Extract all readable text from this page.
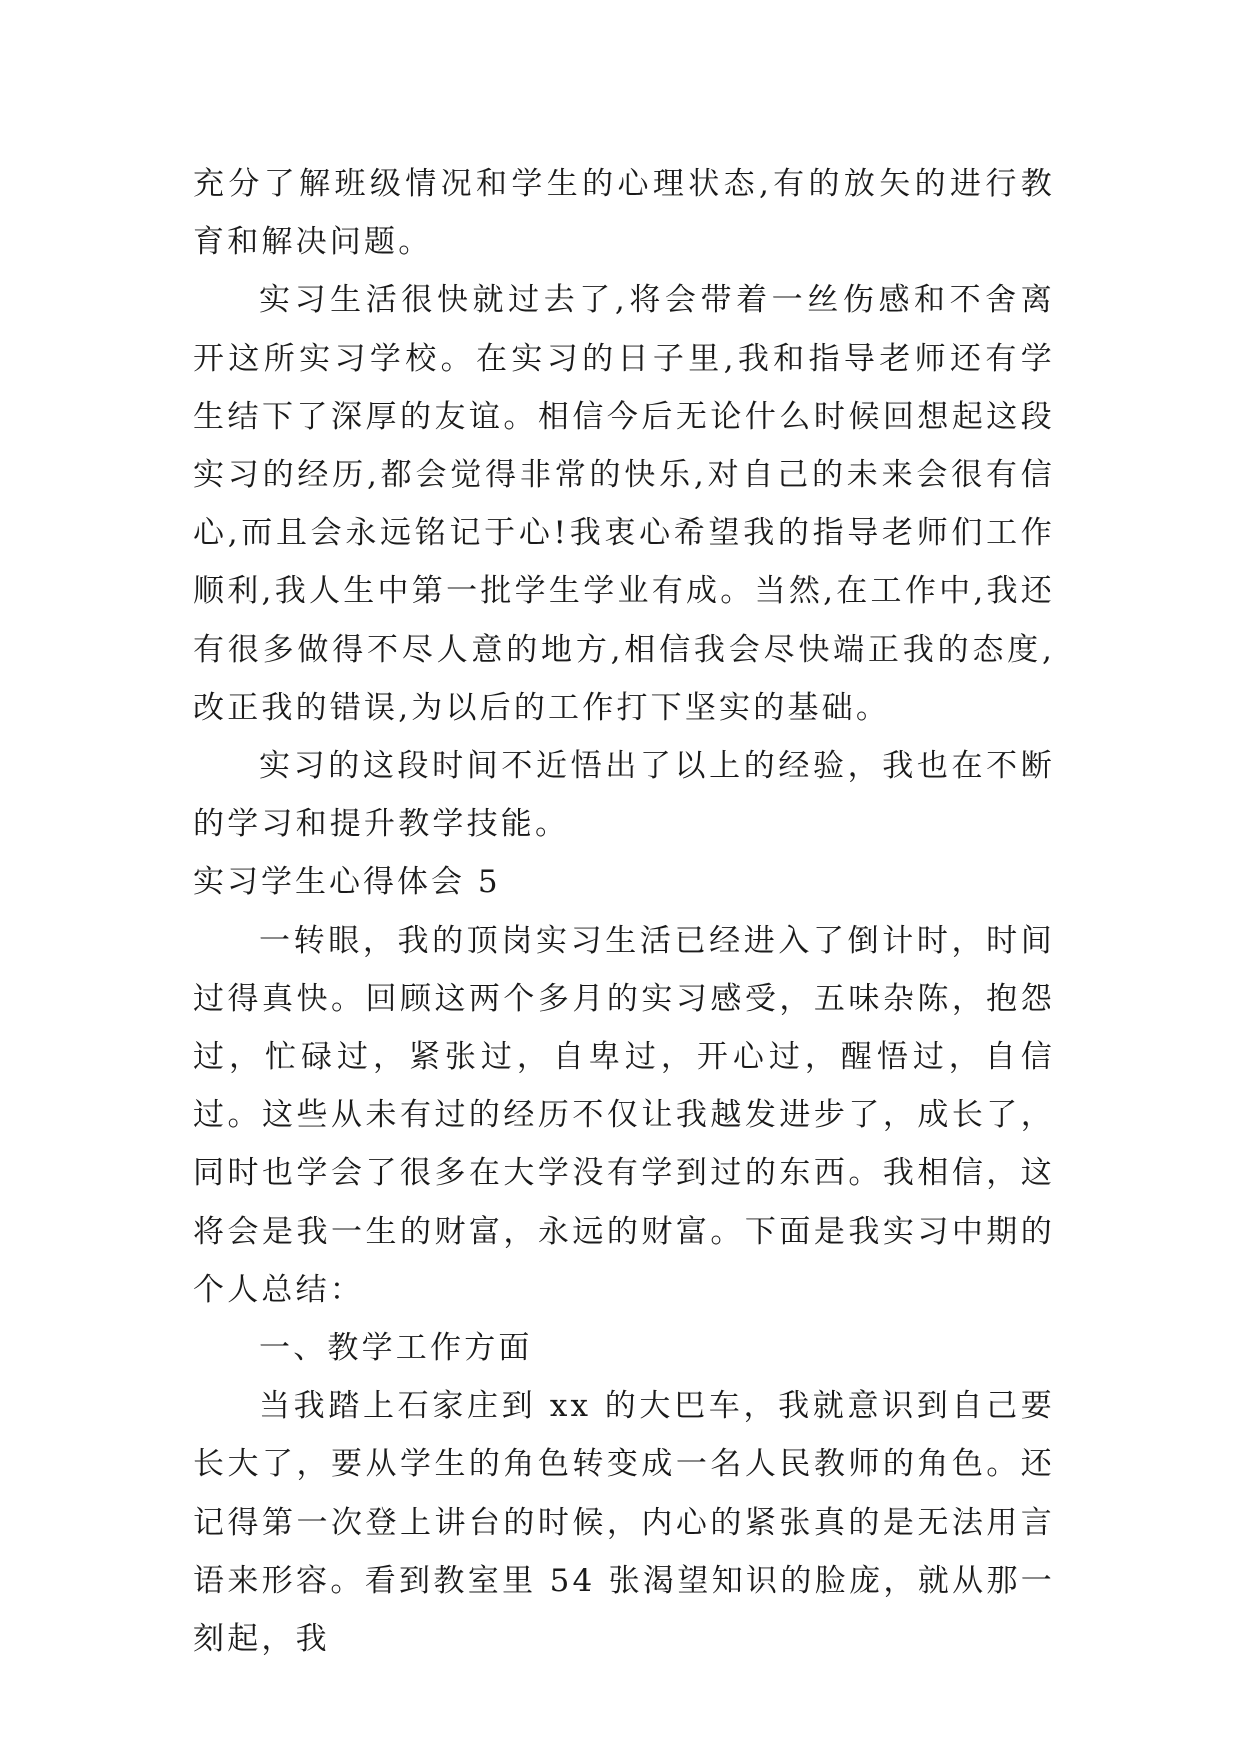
充分了解班级情况和学生的心理状态,有的放矢的进行教育和解决问题。

实习生活很快就过去了,将会带着一丝伤感和不舍离开这所实习学校。在实习的日子里,我和指导老师还有学生结下了深厚的友谊。相信今后无论什么时候回想起这段实习的经历,都会觉得非常的快乐,对自己的未来会很有信心,而且会永远铭记于心!我衷心希望我的指导老师们工作顺利,我人生中第一批学生学业有成。当然,在工作中,我还有很多做得不尽人意的地方,相信我会尽快端正我的态度,改正我的错误,为以后的工作打下坚实的基础。

实习的这段时间不近悟出了以上的经验，我也在不断的学习和提升教学技能。

实习学生心得体会 5

一转眼，我的顶岗实习生活已经进入了倒计时，时间过得真快。回顾这两个多月的实习感受，五味杂陈，抱怨过，忙碌过，紧张过，自卑过，开心过，醒悟过，自信过。这些从未有过的经历不仅让我越发进步了，成长了，同时也学会了很多在大学没有学到过的东西。我相信，这将会是我一生的财富，永远的财富。下面是我实习中期的个人总结：

一、教学工作方面

当我踏上石家庄到 xx 的大巴车，我就意识到自己要长大了，要从学生的角色转变成一名人民教师的角色。还记得第一次登上讲台的时候，内心的紧张真的是无法用言语来形容。看到教室里 54 张渴望知识的脸庞，就从那一刻起，我
